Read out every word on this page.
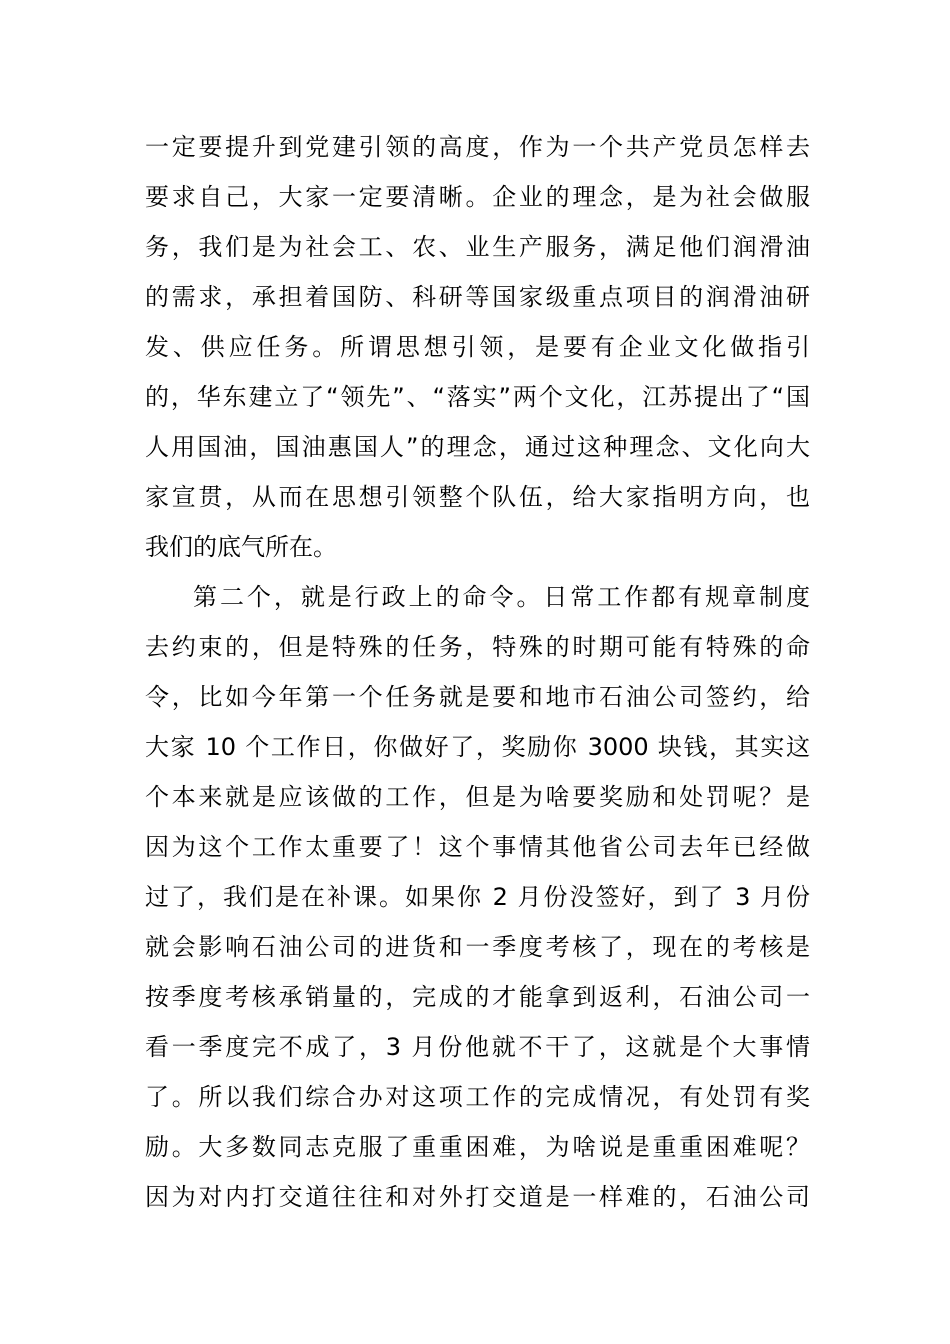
一定要提升到党建引领的高度，作为一个共产党员怎样去
要求自己，大家一定要清晰。企业的理念，是为社会做服
务，我们是为社会工、农、业生产服务，满足他们润滑油
的需求，承担着国防、科研等国家级重点项目的润滑油研
发、供应任务。所谓思想引领，是要有企业文化做指引
的，华东建立了“领先”、“落实”两个文化，江苏提出了“国
人用国油，国油惠国人”的理念，通过这种理念、文化向大
家宣贯，从而在思想引领整个队伍，给大家指明方向，也
我们的底气所在。
第二个，就是行政上的命令。日常工作都有规章制度
去约束的，但是特殊的任务，特殊的时期可能有特殊的命
令，比如今年第一个任务就是要和地市石油公司签约，给
大家 10 个工作日，你做好了，奖励你 3000 块钱，其实这
个本来就是应该做的工作，但是为啥要奖励和处罚呢？是
因为这个工作太重要了！这个事情其他省公司去年已经做
过了，我们是在补课。如果你 2 月份没签好，到了 3 月份
就会影响石油公司的进货和一季度考核了，现在的考核是
按季度考核承销量的，完成的才能拿到返利，石油公司一
看一季度完不成了，3 月份他就不干了，这就是个大事情
了。所以我们综合办对这项工作的完成情况，有处罚有奖
励。大多数同志克服了重重困难，为啥说是重重困难呢？
因为对内打交道往往和对外打交道是一样难的，石油公司
